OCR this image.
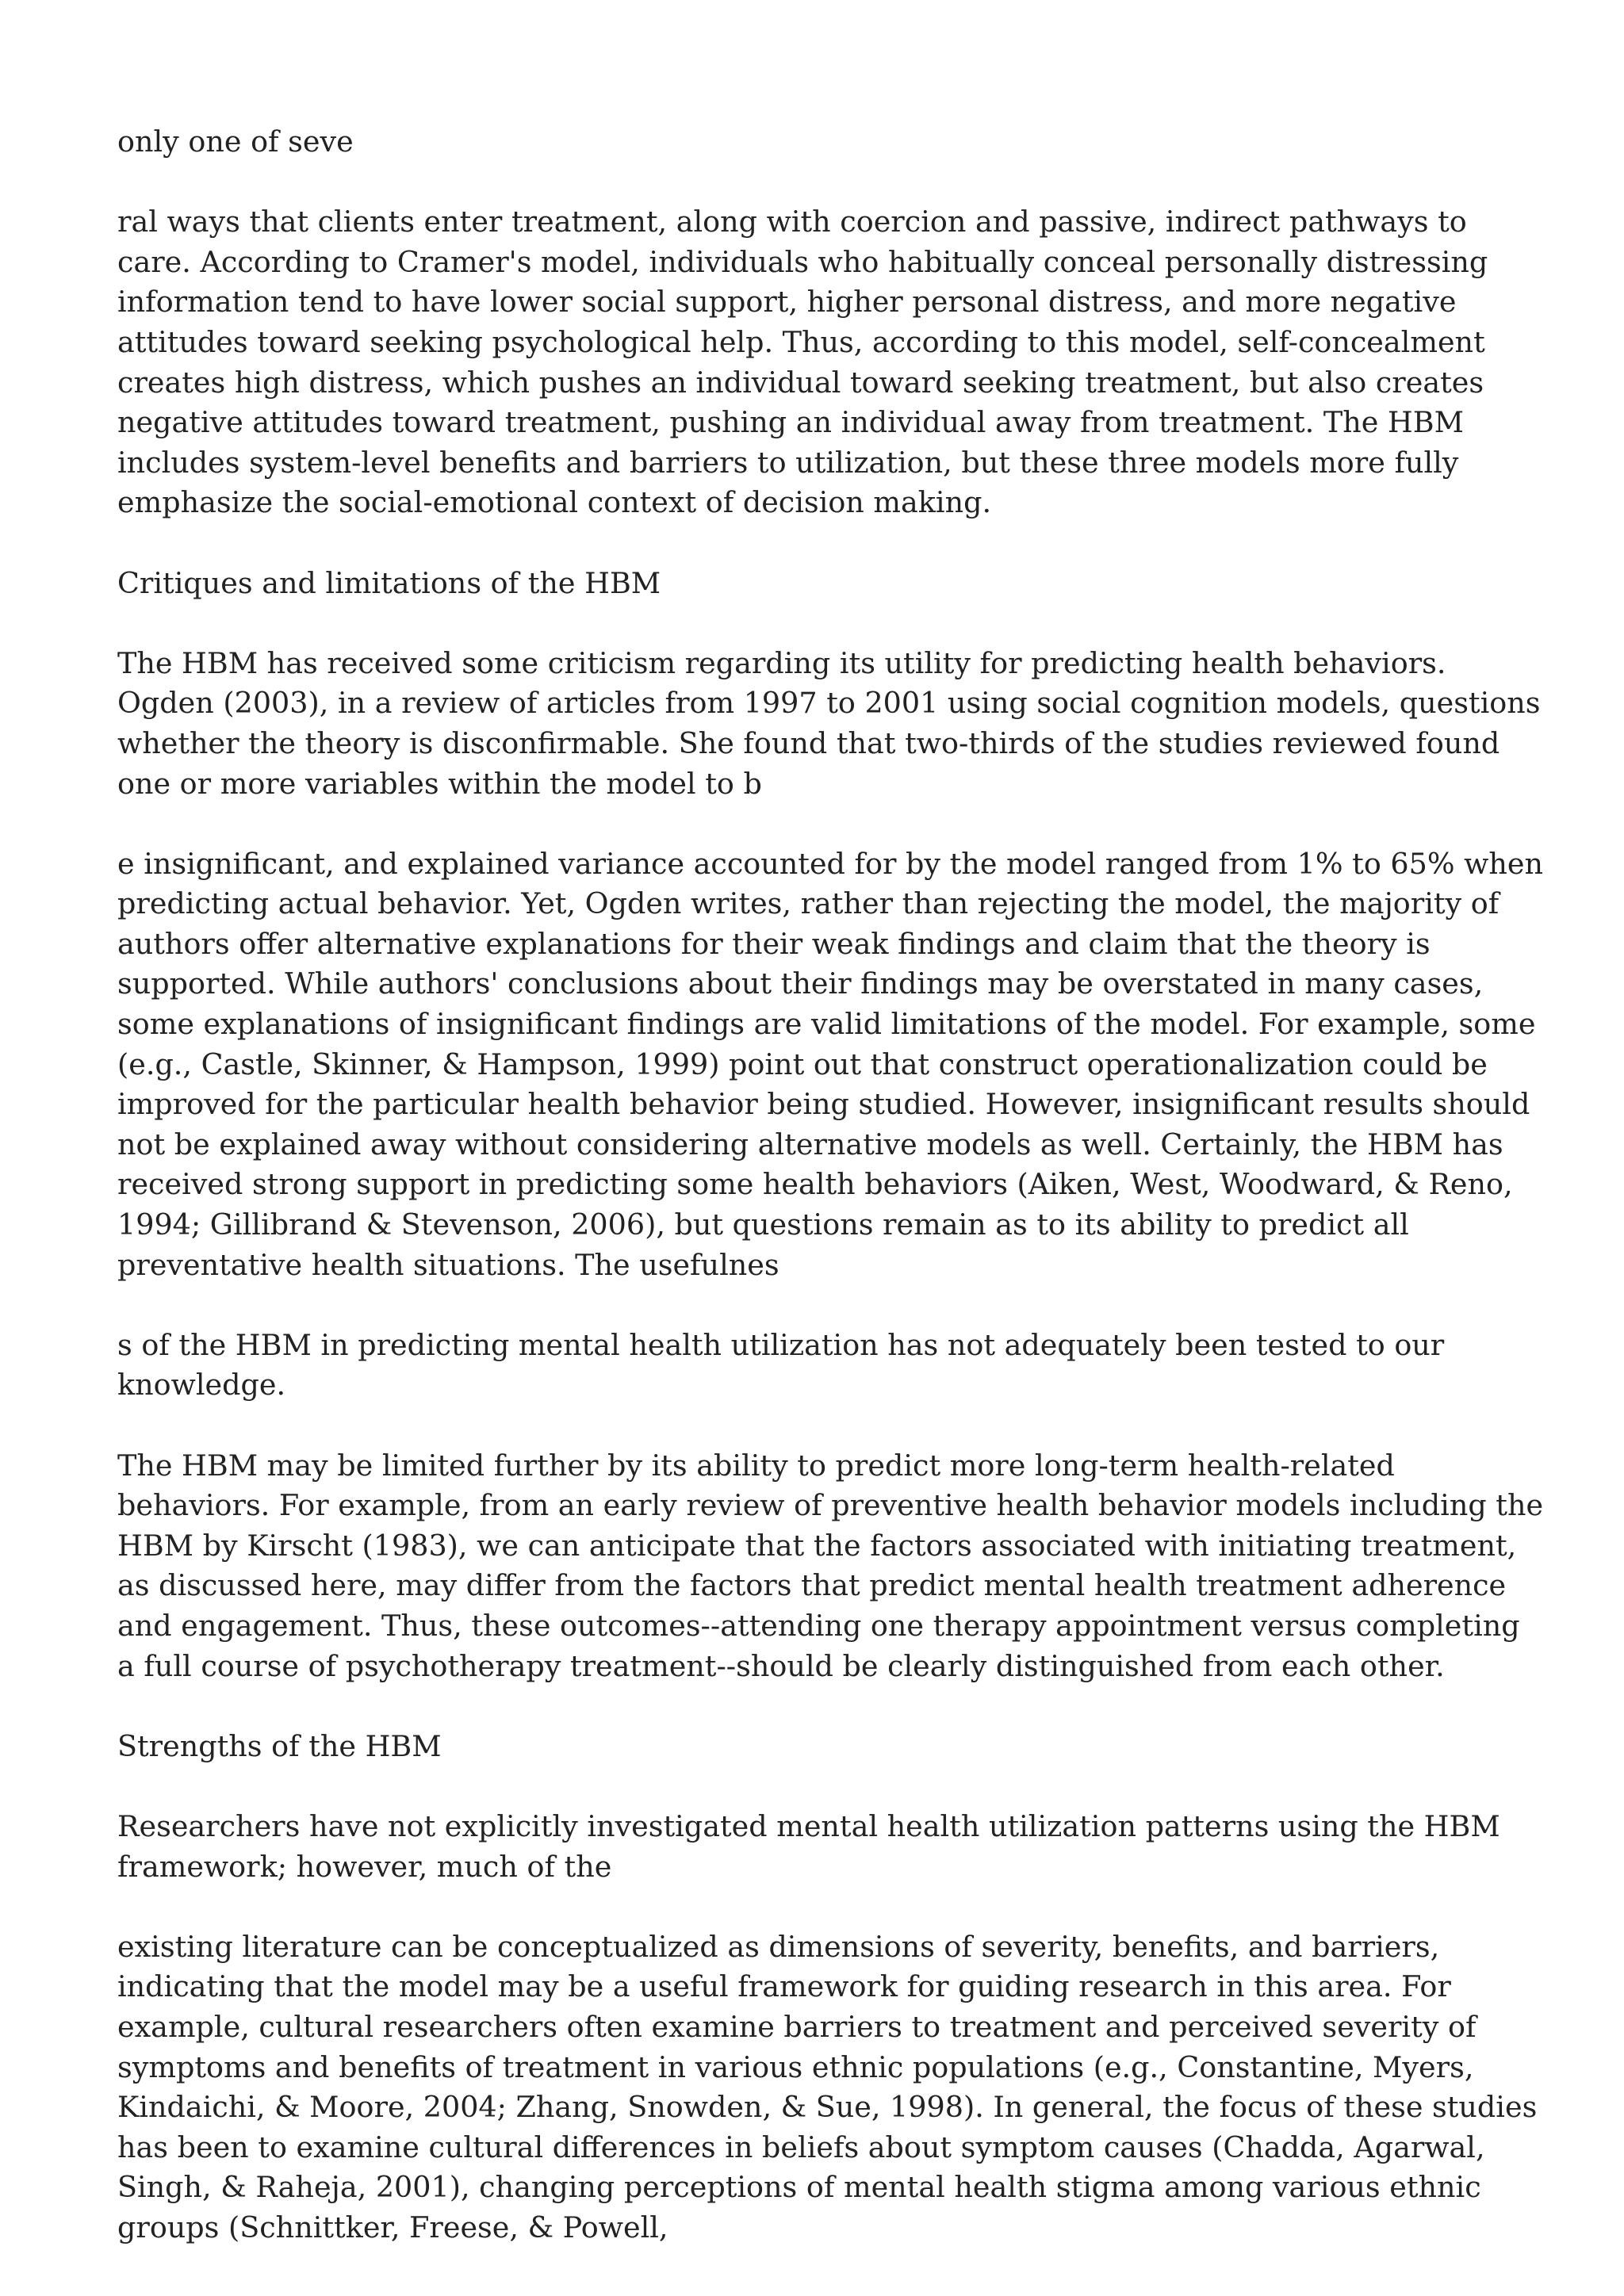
only one of seve

ral ways that clients enter treatment, along with coercion and passive, indirect pathways to care. According to Cramer's model, individuals who habitually conceal personally distressing information tend to have lower social support, higher personal distress, and more negative attitudes toward seeking psychological help. Thus, according to this model, self-concealment creates high distress, which pushes an individual toward seeking treatment, but also creates negative attitudes toward treatment, pushing an individual away from treatment. The HBM includes system-level benefits and barriers to utilization, but these three models more fully emphasize the social-emotional context of decision making.

Critiques and limitations of the HBM

The HBM has received some criticism regarding its utility for predicting health behaviors. Ogden (2003), in a review of articles from 1997 to 2001 using social cognition models, questions whether the theory is disconfirmable. She found that two-thirds of the studies reviewed found one or more variables within the model to b

e insignificant, and explained variance accounted for by the model ranged from 1% to 65% when predicting actual behavior. Yet, Ogden writes, rather than rejecting the model, the majority of authors offer alternative explanations for their weak findings and claim that the theory is supported. While authors' conclusions about their findings may be overstated in many cases, some explanations of insignificant findings are valid limitations of the model. For example, some (e.g., Castle, Skinner, & Hampson, 1999) point out that construct operationalization could be improved for the particular health behavior being studied. However, insignificant results should not be explained away without considering alternative models as well. Certainly, the HBM has received strong support in predicting some health behaviors (Aiken, West, Woodward, & Reno, 1994; Gillibrand & Stevenson, 2006), but questions remain as to its ability to predict all preventative health situations. The usefulnes

s of the HBM in predicting mental health utilization has not adequately been tested to our knowledge.

The HBM may be limited further by its ability to predict more long-term health-related behaviors. For example, from an early review of preventive health behavior models including the HBM by Kirscht (1983), we can anticipate that the factors associated with initiating treatment, as discussed here, may differ from the factors that predict mental health treatment adherence and engagement. Thus, these outcomes--attending one therapy appointment versus completing a full course of psychotherapy treatment--should be clearly distinguished from each other.

Strengths of the HBM

Researchers have not explicitly investigated mental health utilization patterns using the HBM framework; however, much of the

existing literature can be conceptualized as dimensions of severity, benefits, and barriers, indicating that the model may be a useful framework for guiding research in this area. For example, cultural researchers often examine barriers to treatment and perceived severity of symptoms and benefits of treatment in various ethnic populations (e.g., Constantine, Myers, Kindaichi, & Moore, 2004; Zhang, Snowden, & Sue, 1998). In general, the focus of these studies has been to examine cultural differences in beliefs about symptom causes (Chadda, Agarwal, Singh, & Raheja, 2001), changing perceptions of mental health stigma among various ethnic groups (Schnittker, Freese, & Powell,
